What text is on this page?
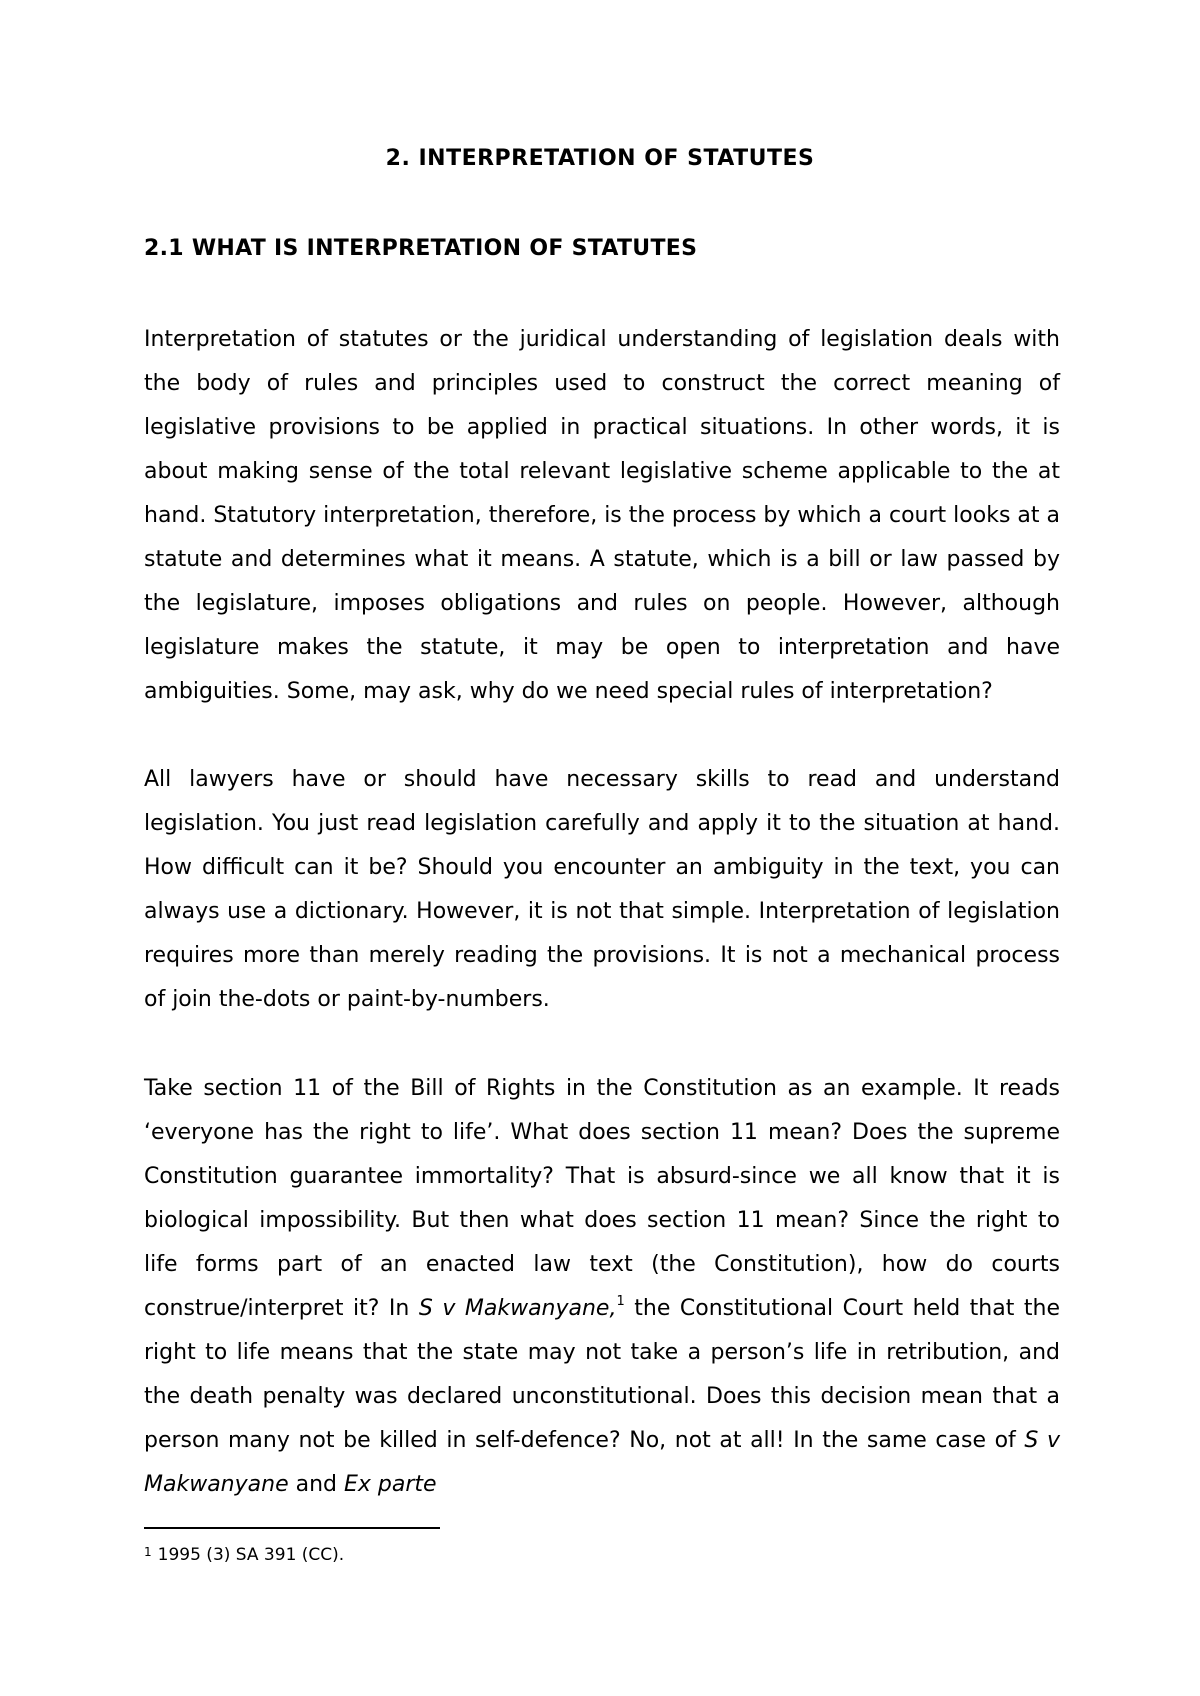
2. INTERPRETATION OF STATUTES
2.1 WHAT IS INTERPRETATION OF STATUTES

Interpretation of statutes or the juridical understanding of legislation deals with the body of rules and principles used to construct the correct meaning of legislative provisions to be applied in practical situations. In other words, it is about making sense of the total relevant legislative scheme applicable to the at hand. Statutory interpretation, therefore, is the process by which a court looks at a statute and determines what it means. A statute, which is a bill or law passed by the legislature, imposes obligations and rules on people. However, although legislature makes the statute, it may be open to interpretation and have ambiguities. Some, may ask, why do we need special rules of interpretation?

All lawyers have or should have necessary skills to read and understand legislation. You just read legislation carefully and apply it to the situation at hand. How difficult can it be? Should you encounter an ambiguity in the text, you can always use a dictionary. However, it is not that simple. Interpretation of legislation requires more than merely reading the provisions. It is not a mechanical process of join the-dots or paint-by-numbers.

Take section 11 of the Bill of Rights in the Constitution as an example. It reads ‘everyone has the right to life’. What does section 11 mean? Does the supreme Constitution guarantee immortality? That is absurd-since we all know that it is biological impossibility. But then what does section 11 mean? Since the right to life forms part of an enacted law text (the Constitution), how do courts construe/interpret it? In S v Makwanyane,$^1$ the Constitutional Court held that the right to life means that the state may not take a person’s life in retribution, and the death penalty was declared unconstitutional. Does this decision mean that a person many not be killed in self-defence? No, not at all! In the same case of S v Makwanyane and Ex parte

$^1$ 1995 (3) SA 391 (CC).
